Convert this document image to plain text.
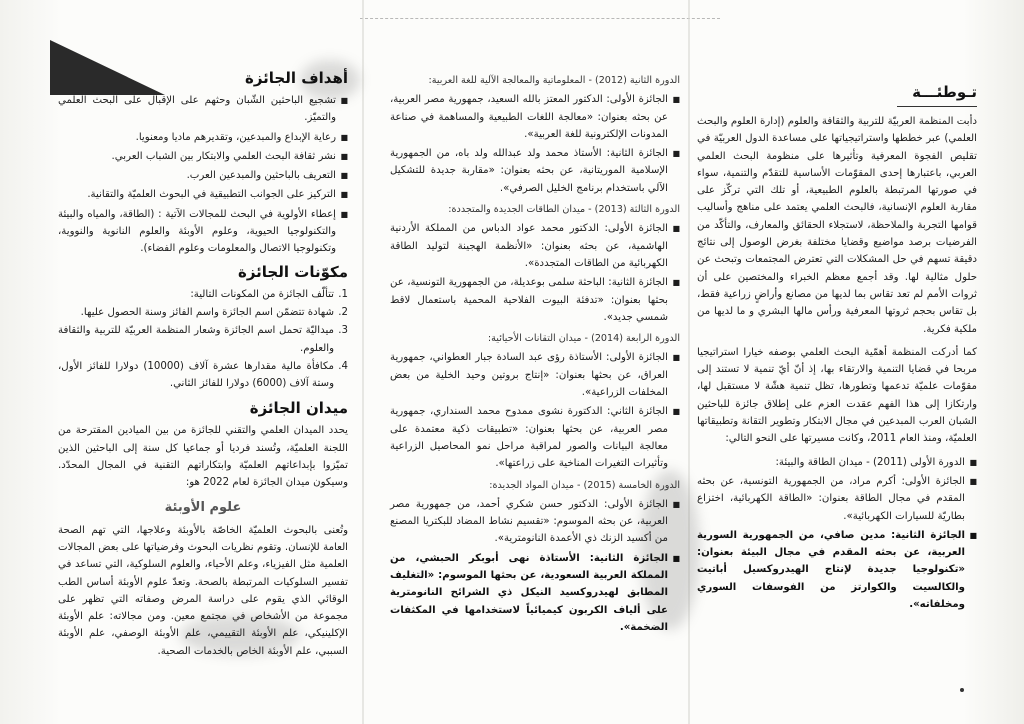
تـوطئـــة

دأبت المنظمة العربيّة للتربية والثقافة والعلوم (إدارة العلوم والبحث العلمي) عبر خططها واستراتيجياتها على مساعدة الدول العربيّة في تقليص الفجوة المعرفية وتأثيرها على منظومة البحث العلمي العربي، باعتبارها إحدى المقوّمات الأساسية للتقدّم والتنمية، سواء في صورتها المرتبطة بالعلوم الطبيعية، أو تلك التي تركّز على مقاربة العلوم الإنسانية، فالبحث العلمي يعتمد على مناهج وأساليب قوامها التجربة والملاحظة، لاستجلاء الحقائق والمعارف، والتأكّد من الفرضيات برصد مواضيع وقضايا مختلفة بغرض الوصول إلى نتائج دقيقة تسهم في حل المشكلات التي تعترض المجتمعات وتبحث عن حلول مثالية لها. وقد أجمع معظم الخبراء والمختصين على أن ثروات الأمم لم تعد تقاس بما لديها من مصانع وأراضٍ زراعية فقط، بل تقاس بحجم ثروتها المعرفية ورأس مالها البشري و ما لديها من ملكية فكرية.

كما أدركت المنظمة أهمّية البحث العلمي بوصفه خيارا استراتيجيا مربحا في قضايا التنمية والارتقاء بها، إذ أنّ أيّ تنمية لا تستند إلى مقوّمات علميّة تدعمها وتطورها، تظل تنمية هشّة لا مستقبل لها، وارتكازا إلى هذا الفهم عقدت العزم على إطلاق جائزة للباحثين الشبان العرب المبدعين في مجال الابتكار وتطوير التقانة وتطبيقاتها العلميّة، ومنذ العام 2011، وكانت مسيرتها على النحو التالي:

■ الدورة الأولى (2011) - ميدان الطاقة والبيئة:
■ الجائزة الأولى: أكرم مراد، من الجمهورية التونسية، عن بحثه المقدم في مجال الطاقة بعنوان: «الطاقة الكهربائية، اختزاع بطاريّة للسيارات الكهربائية».
■ الجائزة الثانية: مدين صافي، من الجمهورية السورية العربية، عن بحثه المقدم في مجال البيئة بعنوان: «تكنولوجيا جديدة لإنتاج الهيدروكسيل أباتيت والكالسيت والكوارتز من الفوسفات السوري ومخلفاته».
الدورة الثانية (2012) - المعلوماتية والمعالجة الآلية للغة العربية:
■ الجائزة الأولى: الدكتور المعتز بالله السعيد، جمهورية مصر العربية، عن بحثه بعنوان: «معالجة اللغات الطبيعية والمساهمة في صناعة المدونات الإلكترونية للغة العربية».
■ الجائزة الثانية: الأستاذ محمد ولد عبدالله ولد باه، من الجمهورية الإسلامية الموريتانية، عن بحثه بعنوان: «مقاربة جديدة للتشكيل الآلي باستخدام برنامج الخليل الصرفي».
الدورة الثالثة (2013) - ميدان الطاقات الجديدة والمتجددة:
■ الجائزة الأولى: الدكتور محمد عواد الدباس من المملكة الأردنية الهاشمية، عن بحثه بعنوان: «الأنظمة الهجينة لتوليد الطاقة الكهربائية من الطاقات المتجددة».
■ الجائزة الثانية: الباحثة سلمى بوعديلة، من الجمهورية التونسية، عن بحثها بعنوان: «تدفئة البيوت الفلاحية المحمية باستعمال لاقط شمسي جديد».
الدورة الرابعة (2014) - ميدان التقانات الأحيائية:
■ الجائزة الأولى: الأستاذة رؤى عبد السادة جبار العطواني، جمهورية العراق، عن بحثها بعنوان: «إنتاج بروتين وحيد الخلية من بعض المخلفات الزراعية».
■ الجائزة الثاني: الدكتورة نشوى ممدوح محمد السنداري، جمهورية مصر العربية، عن بحثها بعنوان: «تطبيقات ذكية معتمدة على معالجة البيانات والصور لمراقبة مراحل نمو المحاصيل الزراعية وتأثيرات التغيرات المناخية على زراعتها».
الدورة الخامسة (2015) - ميدان المواد الجديدة:
■ الجائزة الأولى: الدكتور حسن شكري أحمد، من جمهورية مصر العربية، عن بحثه الموسوم: «تقسيم نشاط المضاد للبكتريا المصنع من أكسيد الزنك ذي الأعمدة النانومترية».
■ الجائزة الثانية: الأستاذة نهى أبوبكر الحبشي، من المملكة العربية السعودية، عن بحثها الموسوم: «التغليف المطابق لهيدروكسيد النيكل ذي الشرائح النانومترية على ألياف الكربون كيميائياً لاستخدامها في المكثفات الضخمة».
أهداف الجائزة
■ تشجيع الباحثين الشّبان وحثهم على الإقبال على البحث العلمي والتميّز.
■ رعاية الإبداع والمبدعين، وتقديرهم ماديا ومعنويا.
■ نشر ثقافة البحث العلمي والابتكار بين الشباب العربي.
■ التعريف بالباحثين والمبدعين العرب.
■ التركيز على الجوانب التطبيقية في البحوث العلميّة والتقانية.
■ إعطاء الأولوية في البحث للمجالات الآتية : (الطاقة، والمياه والبيئة والتكنولوجيا الحيوية، وعلوم الأوبئة والعلوم النانوية والنووية، وتكنولوجيا الاتصال والمعلومات وعلوم الفضاء).
مكوّنات الجائزة
1.
تتألّف الجائزة من المكونات التالية:
2.
شهادة تتضمّن اسم الجائزة واسم الفائز وسنة الحصول عليها.
3.
ميداليّة تحمل اسم الجائزة وشعار المنظمة العربيّة للتربية والثقافة والعلوم.
4.
مكافأة مالية مقدارها عشرة آلاف (10000) دولارا للفائز الأول، وستة آلاف (6000) دولارا للفائز الثاني.
ميدان الجائزة

يحدد الميدان العلمي والتقني للجائزة من بين الميادين المقترحة من اللجنة العلميّة، وتُسند فرديا أو جماعيا كل سنة إلى الباحثين الذين تميّزوا بإبداعاتهم العلميّة وابتكاراتهم التقنية في المجال المحدّد. وسيكون ميدان الجائزة لعام 2022 هو:

علوم الأوبئة

وتُعنى بالبحوث العلميّة الخاصّة بالأوبئة وعلاجها، التي تهم الصحة العامة للإنسان. وتقوم نظريات البحوث وفرضياتها على بعض المجالات العلمية مثل الفيزياء، وعلم الأحياء، والعلوم السلوكية، التي تساعد في تفسير السلوكيات المرتبطة بالصحة. وتعدّ علوم الأوبئة أساس الطب الوقائي الذي يقوم على دراسة المرض وصفاته التي تظهر على مجموعة من الأشخاص في مجتمع معين. ومن مجالاته: علم الأوبئة الإكلينيكي، علم الأوبئة التقييمي، علم الأوبئة الوصفي، علم الأوبئة السببي، علم الأوبئة الخاص بالخدمات الصحية.
